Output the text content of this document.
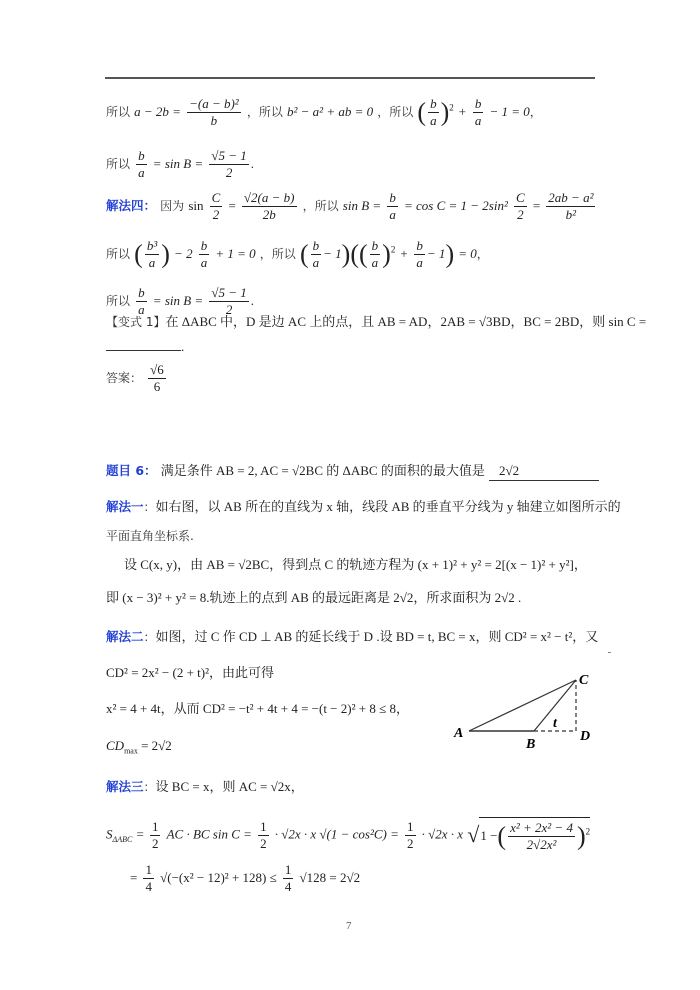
所以 $a - 2b = \frac{\text{−(a − b)²}}{b}$ ，所以 b² − a² + ab = 0 ，所以 ( $\frac{b}{a} )^2 + \frac{b}{a} - 1 = 0$，
所以 $\frac{b}{a} = \sin B = \frac{√5 - 1}{2}$ .
解法四： 因为 $\sin \frac{C}{2} = \frac{√2(a - b)}{2b}$ ，所以 $\sin B = \frac{b}{a} = \cos C = 1 - 2\sin^2 \frac{C}{2} = \frac{\text{2ab − a²}}{\text{b²}}$
所以 ( $\frac{\text{b³}}{a}$ ) − $2 \frac{b}{a} + 1 = 0$ ，所以 ( $\frac{b}{a} - 1)(( \frac{b}{a} )^2 + \frac{b}{a} - 1) = 0$，
所以 $\frac{b}{a} = \sin B = \frac{√5 - 1}{2}$ .
【变式 1】在 ΔABC 中，D 是边 AC 上的点，且 AB = AD，2AB = √3BD，BC = 2BD，则 sin C =
.
答案： $\frac{√6}{6}$
题目 6： 满足条件 AB = 2, AC = √2BC 的 ΔABC 的面积的最大值是 2√2
解法一：如右图，以 AB 所在的直线为 x 轴，线段 AB 的垂直平分线为 y 轴建立如图所示的
平面直角坐标系.
设 C(x, y)，由 AB = √2BC，得到点 C 的轨迹方程为 (x + 1)² + y² = 2[(x − 1)² + y²]，
即 (x − 3)² + y² = 8.轨迹上的点到 AB 的最远距离是 2√2，所求面积为 2√2 .
解法二：如图，过 C 作 CD ⊥ AB 的延长线于 D .设 BD = t, BC = x，则 CD² = x² − t²，又
CD² = 2x² − (2 + t)²，由此可得
x² = 4 + 4t，从而 CD² = −t² + 4t + 4 = −(t − 2)² + 8 ≤ 8，
$CD_{max} = 2√2$
A
B
C
D
t
解法三：设 BC = x，则 AC = √2x，
$S_{\Delta ABC} = \frac{1}{2}$ AC · BC $\sin C = \frac{1}{2} \cdot √2x \cdot x$ $√(1 - \cos^2C) = \frac{1}{2} \cdot √2x \cdot x$ √1 −( $\frac{\text{x² + 2x² − 4}}{\text{2√2x²}} )^2$
= $\frac{1}{4} √(-(x^2 - 12)^2 + 128) \le \frac{1}{4} √128 = 2√2$
7
